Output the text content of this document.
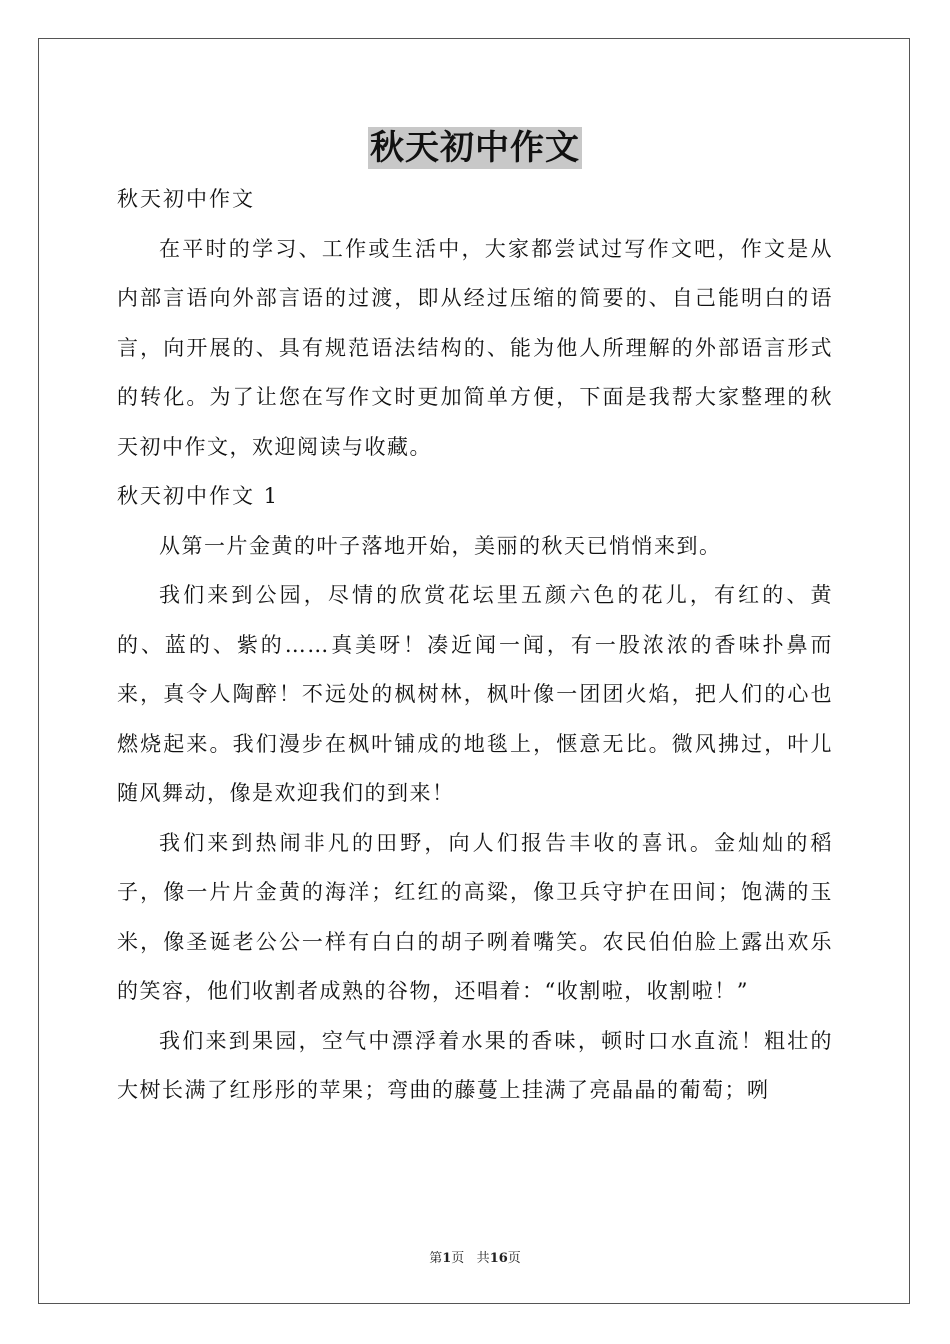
秋天初中作文

秋天初中作文

在平时的学习、工作或生活中，大家都尝试过写作文吧，作文是从内部言语向外部言语的过渡，即从经过压缩的简要的、自己能明白的语言，向开展的、具有规范语法结构的、能为他人所理解的外部语言形式的转化。为了让您在写作文时更加简单方便，下面是我帮大家整理的秋天初中作文，欢迎阅读与收藏。

秋天初中作文 1

从第一片金黄的叶子落地开始，美丽的秋天已悄悄来到。

我们来到公园，尽情的欣赏花坛里五颜六色的花儿，有红的、黄的、蓝的、紫的……真美呀！凑近闻一闻，有一股浓浓的香味扑鼻而来，真令人陶醉！不远处的枫树林，枫叶像一团团火焰，把人们的心也燃烧起来。我们漫步在枫叶铺成的地毯上，惬意无比。微风拂过，叶儿随风舞动，像是欢迎我们的到来！

我们来到热闹非凡的田野，向人们报告丰收的喜讯。金灿灿的稻子，像一片片金黄的海洋；红红的高粱，像卫兵守护在田间；饱满的玉米，像圣诞老公公一样有白白的胡子咧着嘴笑。农民伯伯脸上露出欢乐的笑容，他们收割者成熟的谷物，还唱着：“收割啦，收割啦！”

我们来到果园，空气中漂浮着水果的香味，顿时口水直流！粗壮的大树长满了红彤彤的苹果；弯曲的藤蔓上挂满了亮晶晶的葡萄；咧

第1页 共16页
